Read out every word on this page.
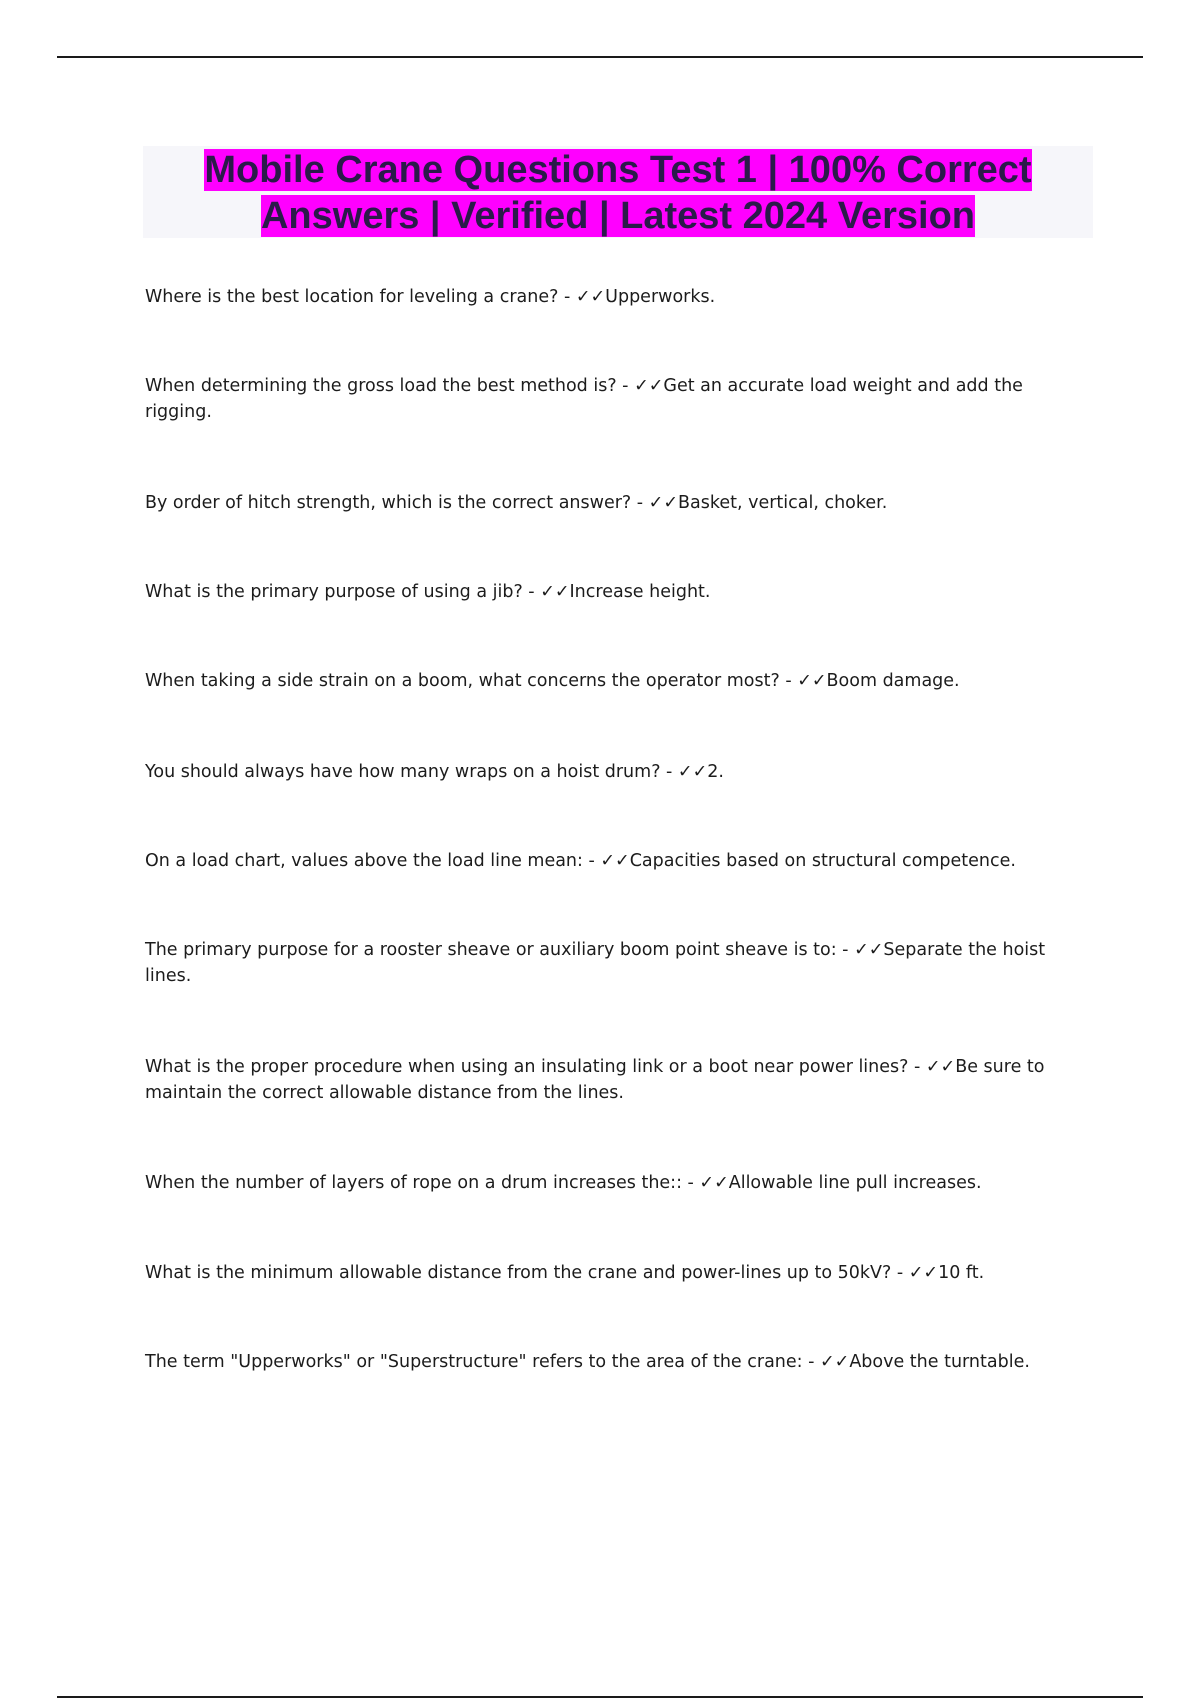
Mobile Crane Questions Test 1 | 100% Correct
Answers | Verified | Latest 2024 Version
Where is the best location for leveling a crane? - ✓✓Upperworks.
When determining the gross load the best method is? - ✓✓Get an accurate load weight and add the rigging.
By order of hitch strength, which is the correct answer? - ✓✓Basket, vertical, choker.
What is the primary purpose of using a jib? - ✓✓Increase height.
When taking a side strain on a boom, what concerns the operator most? - ✓✓Boom damage.
You should always have how many wraps on a hoist drum? - ✓✓2.
On a load chart, values above the load line mean: - ✓✓Capacities based on structural competence.
The primary purpose for a rooster sheave or auxiliary boom point sheave is to: - ✓✓Separate the hoist lines.
What is the proper procedure when using an insulating link or a boot near power lines? - ✓✓Be sure to maintain the correct allowable distance from the lines.
When the number of layers of rope on a drum increases the:: - ✓✓Allowable line pull increases.
What is the minimum allowable distance from the crane and power-lines up to 50kV? - ✓✓10 ft.
The term "Upperworks" or "Superstructure" refers to the area of the crane: - ✓✓Above the turntable.
